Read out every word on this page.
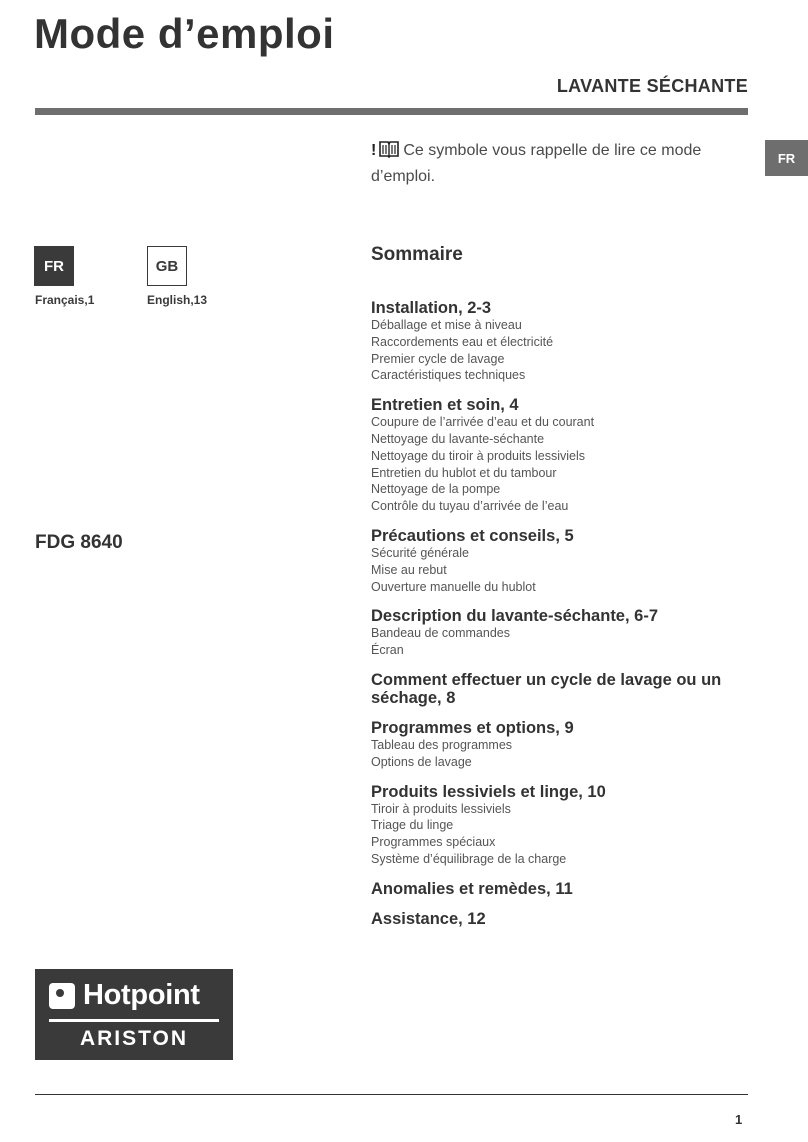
Mode d’emploi
LAVANTE SÉCHANTE
FR

! Ce symbole vous rappelle de lire ce mode d’emploi.

FR	GB
Français,1	English,13
FDG 8640
Sommaire
Installation, 2-3
Déballage et mise à niveau
Raccordements eau et électricité
Premier cycle de lavage
Caractéristiques techniques
Entretien et soin, 4
Coupure de l’arrivée d’eau et du courant
Nettoyage du lavante-séchante
Nettoyage du tiroir à produits lessiviels
Entretien du hublot et du tambour
Nettoyage de la pompe
Contrôle du tuyau d’arrivée de l’eau
Précautions et conseils, 5
Sécurité générale
Mise au rebut
Ouverture manuelle du hublot
Description du lavante-séchante, 6-7
Bandeau de commandes
Écran
Comment effectuer un cycle de lavage ou un séchage, 8
Programmes et options, 9
Tableau des programmes
Options de lavage
Produits lessiviels et linge, 10
Tiroir à produits lessiviels
Triage du linge
Programmes spéciaux
Système d’équilibrage de la charge
Anomalies et remèdes, 11
Assistance, 12
Hotpoint
ARISTON
1
